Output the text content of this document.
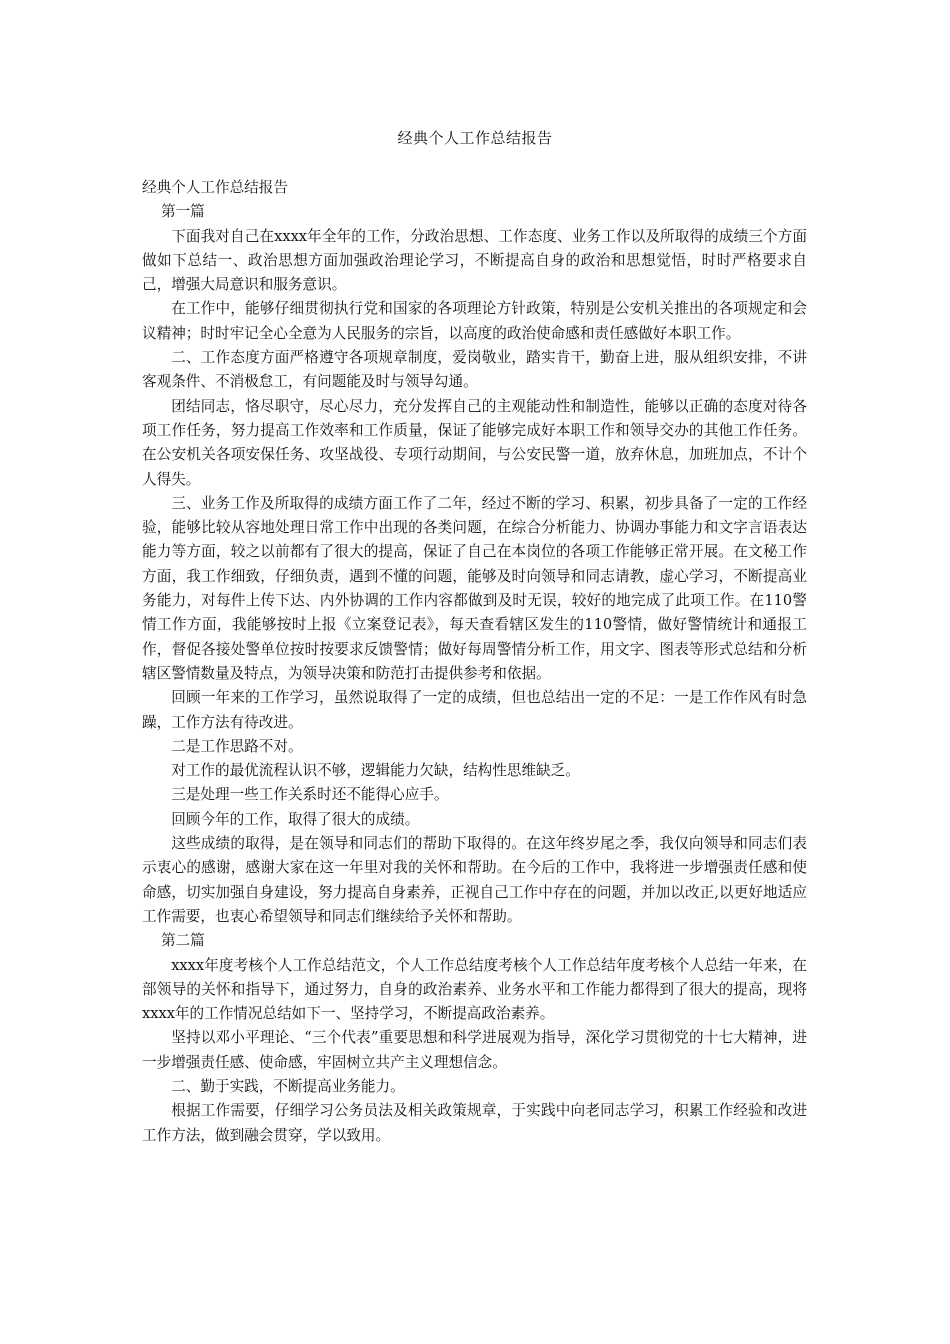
经典个人工作总结报告

经典个人工作总结报告

第一篇

下面我对自己在xxxx年全年的工作，分政治思想、工作态度、业务工作以及所取得的成绩三个方面做如下总结一、政治思想方面加强政治理论学习，不断提高自身的政治和思想觉悟，时时严格要求自己，增强大局意识和服务意识。

在工作中，能够仔细贯彻执行党和国家的各项理论方针政策，特别是公安机关推出的各项规定和会议精神；时时牢记全心全意为人民服务的宗旨，以高度的政治使命感和责任感做好本职工作。

二、工作态度方面严格遵守各项规章制度，爱岗敬业，踏实肯干，勤奋上进，服从组织安排，不讲客观条件、不消极怠工，有问题能及时与领导勾通。

团结同志，恪尽职守，尽心尽力，充分发挥自己的主观能动性和制造性，能够以正确的态度对待各项工作任务，努力提高工作效率和工作质量，保证了能够完成好本职工作和领导交办的其他工作任务。在公安机关各项安保任务、攻坚战役、专项行动期间，与公安民警一道，放弃休息，加班加点，不计个人得失。

三、业务工作及所取得的成绩方面工作了二年，经过不断的学习、积累，初步具备了一定的工作经验，能够比较从容地处理日常工作中出现的各类问题，在综合分析能力、协调办事能力和文字言语表达能力等方面，较之以前都有了很大的提高，保证了自己在本岗位的各项工作能够正常开展。在文秘工作方面，我工作细致，仔细负责，遇到不懂的问题，能够及时向领导和同志请教，虚心学习，不断提高业务能力，对每件上传下达、内外协调的工作内容都做到及时无误，较好的地完成了此项工作。在110警情工作方面，我能够按时上报《立案登记表》，每天查看辖区发生的110警情，做好警情统计和通报工作，督促各接处警单位按时按要求反馈警情；做好每周警情分析工作，用文字、图表等形式总结和分析辖区警情数量及特点，为领导决策和防范打击提供参考和依据。

回顾一年来的工作学习，虽然说取得了一定的成绩，但也总结出一定的不足：一是工作作风有时急躁，工作方法有待改进。

二是工作思路不对。

对工作的最优流程认识不够，逻辑能力欠缺，结构性思维缺乏。

三是处理一些工作关系时还不能得心应手。

回顾今年的工作，取得了很大的成绩。

这些成绩的取得，是在领导和同志们的帮助下取得的。在这年终岁尾之季，我仅向领导和同志们表示衷心的感谢，感谢大家在这一年里对我的关怀和帮助。在今后的工作中，我将进一步增强责任感和使命感，切实加强自身建设，努力提高自身素养，正视自己工作中存在的问题，并加以改正,以更好地适应工作需要，也衷心希望领导和同志们继续给予关怀和帮助。

第二篇

xxxx年度考核个人工作总结范文，个人工作总结度考核个人工作总结年度考核个人总结一年来，在部领导的关怀和指导下，通过努力，自身的政治素养、业务水平和工作能力都得到了很大的提高，现将xxxx年的工作情况总结如下一、坚持学习，不断提高政治素养。

坚持以邓小平理论、“三个代表”重要思想和科学进展观为指导，深化学习贯彻党的十七大精神，进一步增强责任感、使命感，牢固树立共产主义理想信念。

二、勤于实践，不断提高业务能力。

根据工作需要，仔细学习公务员法及相关政策规章，于实践中向老同志学习，积累工作经验和改进工作方法，做到融会贯穿，学以致用。
